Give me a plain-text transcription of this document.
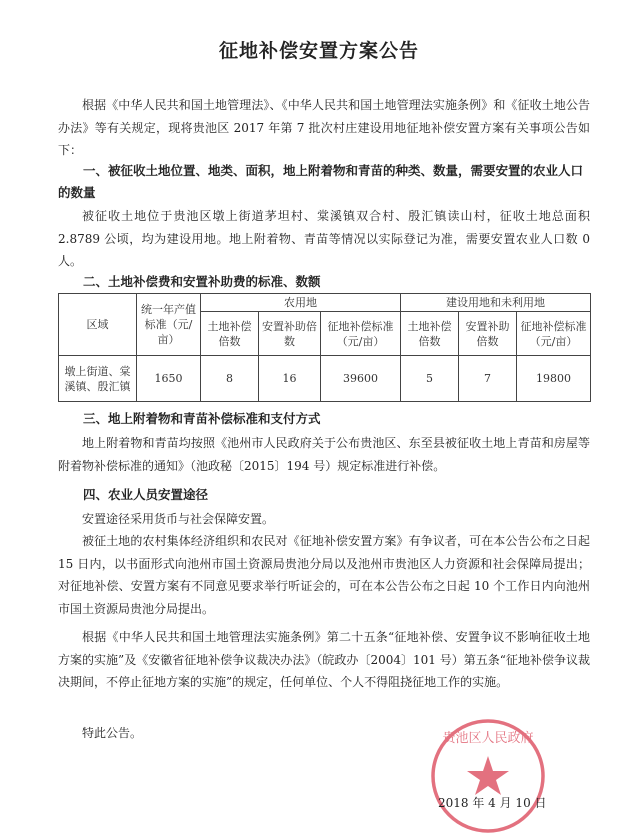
征地补偿安置方案公告
根据《中华人民共和国土地管理法》、《中华人民共和国土地管理法实施条例》和《征收土地公告办法》等有关规定，现将贵池区 2017 年第 7 批次村庄建设用地征地补偿安置方案有关事项公告如下：
一、被征收土地位置、地类、面积，地上附着物和青苗的种类、数量，需要安置的农业人口的数量
被征收土地位于贵池区墩上街道茅坦村、棠溪镇双合村、殷汇镇读山村，征收土地总面积 2.8789 公顷，均为建设用地。地上附着物、青苗等情况以实际登记为准，需要安置农业人口数 0 人。
二、土地补偿费和安置补助费的标准、数额
区域	统一年产值标准（元/亩）	农用地			建设用地和未利用地		
		土地补偿倍数	安置补助倍数	征地补偿标准（元/亩）	土地补偿倍数	安置补助倍数	征地补偿标准（元/亩）
墩上街道、棠溪镇、殷汇镇	1650	8	16	39600	5	7	19800
三、地上附着物和青苗补偿标准和支付方式
地上附着物和青苗均按照《池州市人民政府关于公布贵池区、东至县被征收土地上青苗和房屋等附着物补偿标准的通知》（池政秘〔2015〕194 号）规定标准进行补偿。
四、农业人员安置途径
安置途径采用货币与社会保障安置。
被征土地的农村集体经济组织和农民对《征地补偿安置方案》有争议者，可在本公告公布之日起 15 日内，以书面形式向池州市国土资源局贵池分局以及池州市贵池区人力资源和社会保障局提出；对征地补偿、安置方案有不同意见要求举行听证会的，可在本公告公布之日起 10 个工作日内向池州市国土资源局贵池分局提出。
根据《中华人民共和国土地管理法实施条例》第二十五条“征地补偿、安置争议不影响征收土地方案的实施”及《安徽省征地补偿争议裁决办法》（皖政办〔2004〕101 号）第五条“征地补偿争议裁决期间，不停止征地方案的实施”的规定，任何单位、个人不得阻挠征地工作的实施。
特此公告。	贵池区人民政府
2018 年 4 月 10 日
